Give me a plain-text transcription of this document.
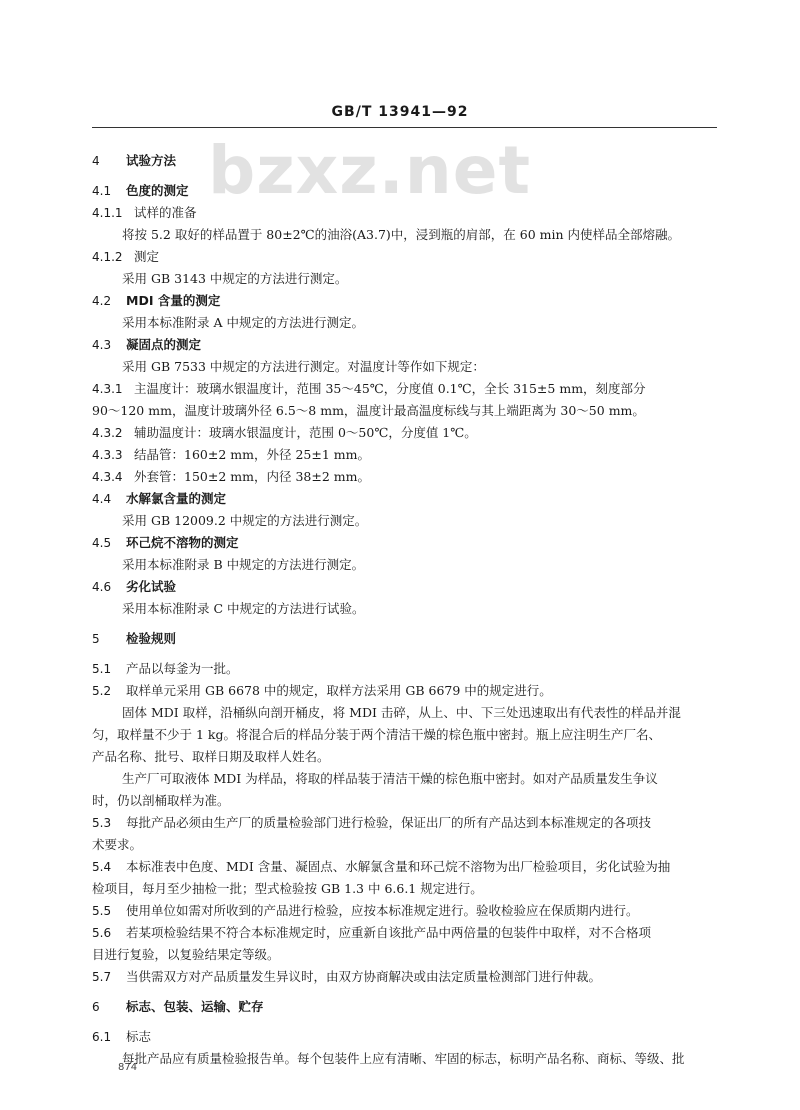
GB/T 13941—92
bzxz.net
4 试验方法
4.1 色度的测定
4.1.1 试样的准备
将按 5.2 取好的样品置于 80±2℃的油浴(A3.7)中，浸到瓶的肩部，在 60 min 内使样品全部熔融。
4.1.2 测定
采用 GB 3143 中规定的方法进行测定。
4.2 MDI 含量的测定
采用本标准附录 A 中规定的方法进行测定。
4.3 凝固点的测定
采用 GB 7533 中规定的方法进行测定。对温度计等作如下规定：
4.3.1 主温度计：玻璃水银温度计，范围 35～45℃，分度值 0.1℃，全长 315±5 mm，刻度部分
90～120 mm，温度计玻璃外径 6.5～8 mm，温度计最高温度标线与其上端距离为 30～50 mm。
4.3.2 辅助温度计：玻璃水银温度计，范围 0～50℃，分度值 1℃。
4.3.3 结晶管：160±2 mm，外径 25±1 mm。
4.3.4 外套管：150±2 mm，内径 38±2 mm。
4.4 水解氯含量的测定
采用 GB 12009.2 中规定的方法进行测定。
4.5 环己烷不溶物的测定
采用本标准附录 B 中规定的方法进行测定。
4.6 劣化试验
采用本标准附录 C 中规定的方法进行试验。
5 检验规则
5.1 产品以每釜为一批。
5.2 取样单元采用 GB 6678 中的规定，取样方法采用 GB 6679 中的规定进行。
固体 MDI 取样，沿桶纵向剖开桶皮，将 MDI 击碎，从上、中、下三处迅速取出有代表性的样品并混
匀，取样量不少于 1 kg。将混合后的样品分装于两个清洁干燥的棕色瓶中密封。瓶上应注明生产厂名、
产品名称、批号、取样日期及取样人姓名。
生产厂可取液体 MDI 为样品，将取的样品装于清洁干燥的棕色瓶中密封。如对产品质量发生争议
时，仍以剖桶取样为准。
5.3 每批产品必须由生产厂的质量检验部门进行检验，保证出厂的所有产品达到本标准规定的各项技
术要求。
5.4 本标准表中色度、MDI 含量、凝固点、水解氯含量和环己烷不溶物为出厂检验项目，劣化试验为抽
检项目，每月至少抽检一批；型式检验按 GB 1.3 中 6.6.1 规定进行。
5.5 使用单位如需对所收到的产品进行检验，应按本标准规定进行。验收检验应在保质期内进行。
5.6 若某项检验结果不符合本标准规定时，应重新自该批产品中两倍量的包装件中取样，对不合格项
目进行复验，以复验结果定等级。
5.7 当供需双方对产品质量发生异议时，由双方协商解决或由法定质量检测部门进行仲裁。
6 标志、包装、运输、贮存
6.1 标志
每批产品应有质量检验报告单。每个包装件上应有清晰、牢固的标志，标明产品名称、商标、等级、批
874
